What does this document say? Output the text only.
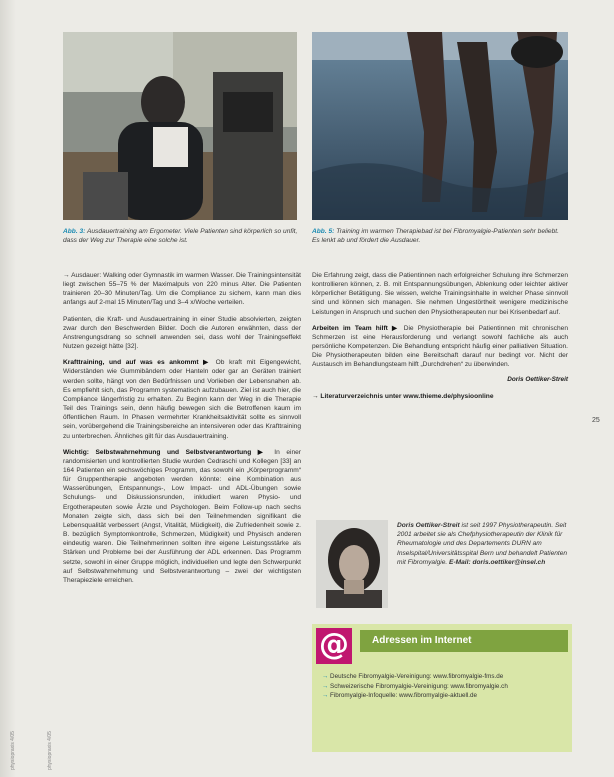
Abb. 3: Ausdauertraining am Ergometer. Viele Patienten sind körperlich so unfit, dass der Weg zur Therapie eine solche ist.
Abb. 5: Training im warmen Therapiebad ist bei Fibromyalgie-Patienten sehr beliebt. Es lenkt ab und fördert die Ausdauer.

→ Ausdauer: Walking oder Gymnastik im warmen Wasser. Die Trainingsintensität liegt zwischen 55–75 % der Maximalpuls von 220 minus Alter. Die Patienten trainieren 20–30 Minuten/Tag. Um die Compliance zu sichern, kann man dies anfangs auf 2-mal 15 Minuten/Tag und 3–4 x/Woche verteilen.

Patienten, die Kraft- und Ausdauertraining in einer Studie absolvierten, zeigten zwar durch den Beschwerden Bilder. Doch die Autoren erwähnten, dass der Anstrengungsdrang so schnell anwenden sei, dass wohl der Trainingseffekt Nutzen gezeigt hätte [32].

Krafttraining, und auf was es ankommt ▶ Ob kraft mit Eigengewicht, Widerständen wie Gummibändern oder Hanteln oder gar an Geräten trainiert werden sollte, hängt von den Bedürfnissen und Vorlieben der Lebensnahen ab. Es empfiehlt sich, das Programm systematisch aufzubauen. Ziel ist auch hier, die Compliance längerfristig zu erhalten. Zu Beginn kann der Weg in die Therapie Teil des Trainings sein, denn häufig bewegen sich die Betroffenen kaum im öffentlichen Raum. In Phasen vermehrter Krankheitsaktivität sollte es sinnvoll sein, vorübergehend die Trainingsbereiche an intensiveren oder das Krafttraining zu unterbrechen. Ähnliches gilt für das Ausdauertraining.

Wichtig: Selbstwahrnehmung und Selbstverantwortung ▶ In einer randomisierten und kontrollierten Studie wurden Cedraschi und Kollegen [33] an 164 Patienten ein sechswöchiges Programm, das sowohl ein „Körperprogramm“ für Gruppentherapie angeboten werden könnte: eine Kombination aus Wasserübungen, Entspannungs-, Low Impact- und ADL-Übungen sowie Schulungs- und Diskussionsrunden, inkludiert waren Physio- und Ergotherapeuten sowie Ärzte und Psychologen. Beim Follow-up nach sechs Monaten zeigte sich, dass sich bei den Teilnehmenden signifikant die Lebensqualität verbessert (Angst, Vitalität, Müdigkeit), die Zufriedenheit sowie z. B. bezüglich Symptomkontrolle, Schmerzen, Müdigkeit) und Physisch anderen eindeutig waren. Die Teilnehmerinnen sollten ihre eigene Leistungsstärke als Stärken und Probleme bei der Ausführung der ADL erkennen. Das Programm setzte, sowohl in einer Gruppe möglich, individuellen und legte den Schwerpunkt auf Selbstwahrnehmung und Selbstverantwortung – zwei der wichtigsten Therapieziele erreichen.

Die Erfahrung zeigt, dass die Patientinnen nach erfolgreicher Schulung ihre Schmerzen kontrollieren können, z. B. mit Entspannungsübungen, Ablenkung oder leichter aktiver körperlicher Betätigung. Sie wissen, welche Trainingsinhalte in welcher Phase sinnvoll sind und können sich managen. Sie nehmen Ungestörtheit wenigere medizinische Leistungen in Anspruch und suchen den Physiotherapeuten nur bei Krisenbedarf auf.

Arbeiten im Team hilft ▶ Die Physiotherapie bei Patientinnen mit chronischen Schmerzen ist eine Herausforderung und verlangt sowohl fachliche als auch persönliche Kompetenzen. Die Behandlung entspricht häufig einer palliativen Situation. Die Physiotherapeuten bilden eine Bereitschaft darauf nur bedingt vor. Nicht der Austausch im Behandlungsteam hilft „Durchdrehen“ zu überwinden.

Doris Oettiker-Streit
→ Literaturverzeichnis unter www.thieme.de/physioonline
25
Doris Oettiker-Streit ist seit 1997 Physiotherapeutin. Seit 2001 arbeitet sie als Chefphysiotherapeutin der Klinik für Rheumatologie und des Departements DURN am Inselspital/Universitätsspital Bern und behandelt Patienten mit Fibromyalgie. E-Mail: doris.oettiker@insel.ch
@	Adressen im Internet
→ Deutsche Fibromyalgie-Vereinigung: www.fibromyalgie-fms.de
→ Schweizerische Fibromyalgie-Vereinigung: www.fibromyalgie.ch
→ Fibromyalgie-Infoquelle: www.fibromyalgie-aktuell.de
physiopraxis 4/05	physiopraxis 4/05
